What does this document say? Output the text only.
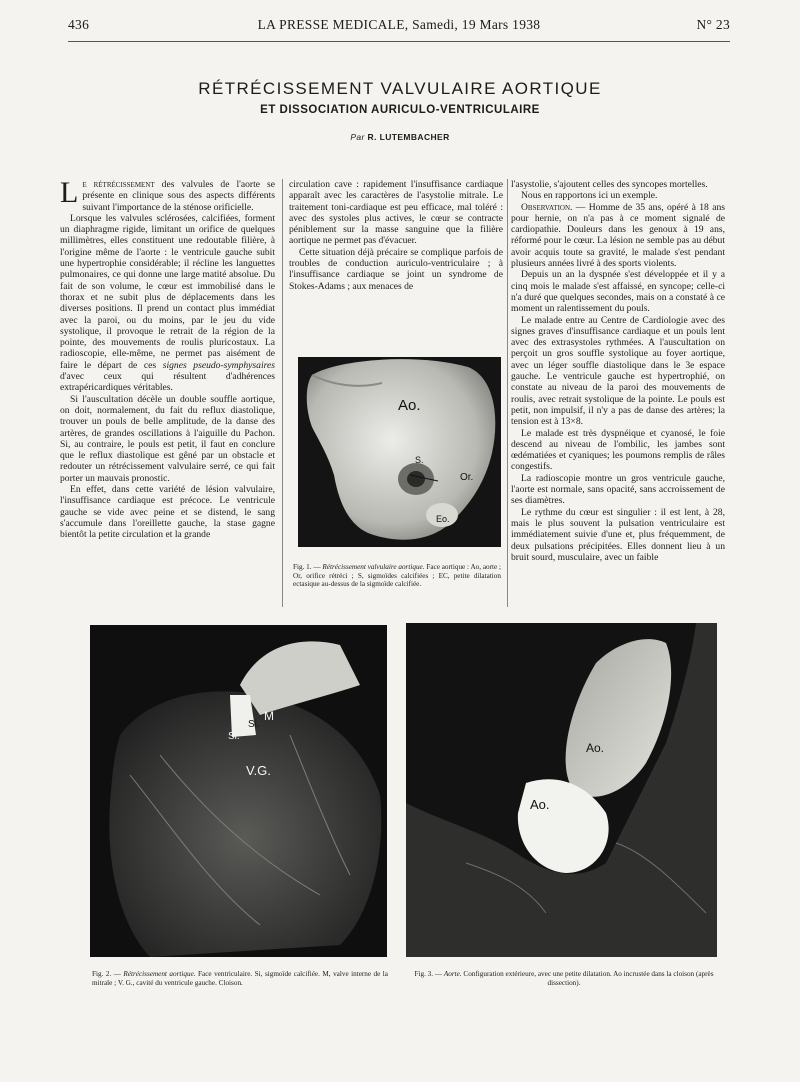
436	LA PRESSE MEDICALE, Samedi, 19 Mars 1938	N° 23
RÉTRÉCISSEMENT VALVULAIRE AORTIQUE
ET DISSOCIATION AURICULO-VENTRICULAIRE
Par R. LUTEMBACHER

Le rétrécissement des valvules de l'aorte se présente en clinique sous des aspects différents suivant l'importance de la sténose orificielle.

Lorsque les valvules sclérosées, calcifiées, forment un diaphragme rigide, limitant un orifice de quelques millimètres, elles constituent une redoutable filière, à l'origine même de l'aorte : le ventricule gauche subit une hypertrophie considérable; il récline les languettes pulmonaires, ce qui donne une large matité absolue. Du fait de son volume, le cœur est immobilisé dans le thorax et ne subit plus de déplacements dans les diverses positions. Il prend un contact plus immédiat avec la paroi, ou du moins, par le jeu du vide systolique, il provoque le retrait de la région de la pointe, des mouvements de roulis pluricostaux. La radioscopie, elle-même, ne permet pas aisément de faire le départ de ces signes pseudo-symphysaires d'avec ceux qui résultent d'adhérences extrapéricardiques véritables.

Si l'auscultation décèle un double souffle aortique, on doit, normalement, du fait du reflux diastolique, trouver un pouls de belle amplitude, de la danse des artères, de grandes oscillations à l'aiguille du Pachon. Si, au contraire, le pouls est petit, il faut en conclure que le reflux diastolique est gêné par un obstacle et redouter un rétrécissement valvulaire serré, ce qui fait porter un mauvais pronostic.

En effet, dans cette variété de lésion valvulaire, l'insuffisance cardiaque est précoce. Le ventricule gauche se vide avec peine et se distend, le sang s'accumule dans l'oreillette gauche, la stase gagne bientôt la petite circulation et la grande

circulation cave : rapidement l'insuffisance cardiaque apparaît avec les caractères de l'asystolie mitrale. Le traitement toni-cardiaque est peu efficace, mal toléré : avec des systoles plus actives, le cœur se contracte péniblement sur la masse sanguine que la filière aortique ne permet pas d'évacuer.

Cette situation déjà précaire se complique parfois de troubles de conduction auriculo-ventriculaire ; à l'insuffisance cardiaque se joint un syndrome de Stokes-Adams ; aux menaces de

Ao.
S.
Or.
Eo.
Fig. 1. — Rétrécissement valvulaire aortique. Face aortique : Ao, aorte ; Or, orifice rétréci ; S, sigmoïdes calcifiées ; EC, petite dilatation ectasique au-dessus de la sigmoïde calcifiée.

l'asystolie, s'ajoutent celles des syncopes mortelles.

Nous en rapportons ici un exemple.

Observation. — Homme de 35 ans, opéré à 18 ans pour hernie, on n'a pas à ce moment signalé de cardiopathie. Douleurs dans les genoux à 19 ans, réformé pour le cœur. La lésion ne semble pas au début avoir acquis toute sa gravité, le malade s'est pendant plusieurs années livré à des sports violents.

Depuis un an la dyspnée s'est développée et il y a cinq mois le malade s'est affaissé, en syncope; celle-ci n'a duré que quelques secondes, mais on a constaté à ce moment un ralentissement du pouls.

Le malade entre au Centre de Cardiologie avec des signes graves d'insuffisance cardiaque et un pouls lent avec des extrasystoles rythmées. A l'auscultation on perçoit un gros souffle systolique au foyer aortique, avec un léger souffle diastolique dans le 3e espace gauche. Le ventricule gauche est hypertrophié, on constate au niveau de la paroi des mouvements de roulis, avec retrait systolique de la pointe. Le pouls est petit, non impulsif, il n'y a pas de danse des artères; la tension est à 13×8.

Le malade est très dyspnéique et cyanosé, le foie descend au niveau de l'ombilic, les jambes sont œdématiées et cyaniques; les poumons remplis de râles congestifs.

La radioscopie montre un gros ventricule gauche, l'aorte est normale, sans opacité, sans accroissement de ses diamètres.

Le rythme du cœur est singulier : il est lent, à 28, mais le plus souvent la pulsation ventriculaire est immédiatement suivie d'une et, plus fréquemment, de deux pulsations précipitées. Elles donnent lieu à un bruit sourd, musculaire, avec un faible

M
Si.
Si.
V.G.
Fig. 2. — Rétrécissement aortique. Face ventriculaire. Si, sigmoïde calcifiée. M, valve interne de la mitrale ; V. G., cavité du ventricule gauche. Cloison.
Ao.
Ao.
Fig. 3. — Aorte. Configuration extérieure, avec une petite dilatation. Ao incrustée dans la cloison (après dissection).
